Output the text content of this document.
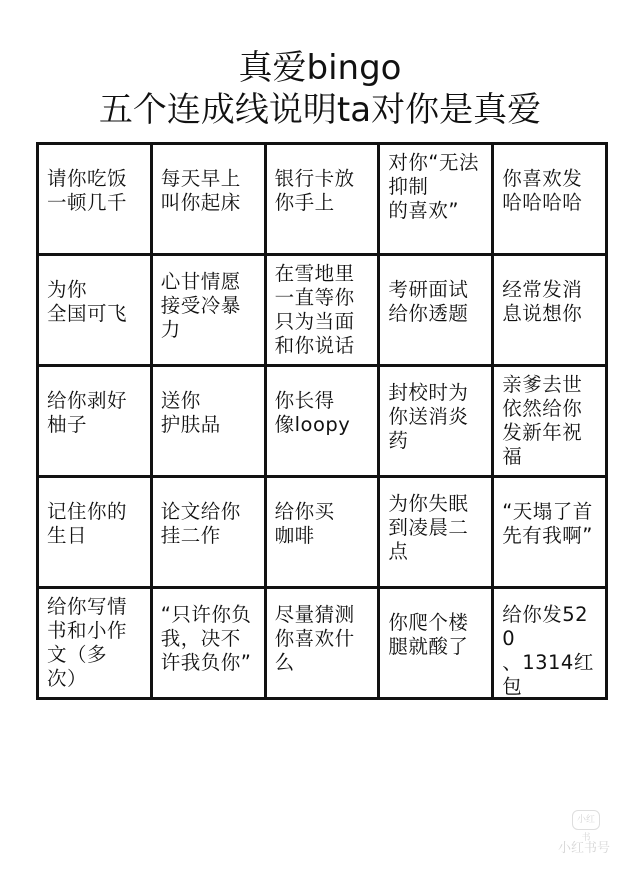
真爱bingo
五个连成线说明ta对你是真爱
请你吃饭
一顿几千
每天早上
叫你起床
银行卡放
你手上
对你“无法
抑制
的喜欢”
你喜欢发
哈哈哈哈
为你
全国可飞
心甘情愿
接受冷暴
力
在雪地里
一直等你
只为当面
和你说话
考研面试
给你透题
经常发消
息说想你
给你剥好
柚子
送你
护肤品
你长得
像loopy
封校时为
你送消炎
药
亲爹去世
依然给你
发新年祝
福
记住你的
生日
论文给你
挂二作
给你买
咖啡
为你失眠
到凌晨二
点
“天塌了首
先有我啊”
给你写情
书和小作
文（多
次）
“只许你负
我，决不
许我负你”
尽量猜测
你喜欢什
么
你爬个楼
腿就酸了
给你发520
、1314红
包
小红书
小红书号
